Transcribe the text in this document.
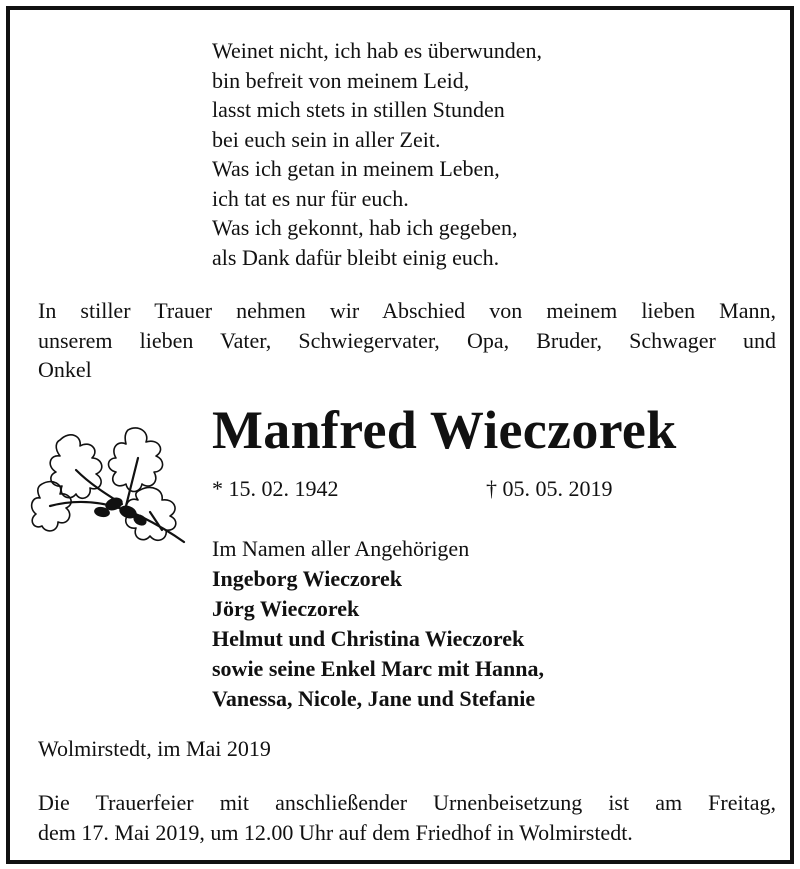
Weinet nicht, ich hab es überwunden,
bin befreit von meinem Leid,
lasst mich stets in stillen Stunden
bei euch sein in aller Zeit.
Was ich getan in meinem Leben,
ich tat es nur für euch.
Was ich gekonnt, hab ich gegeben,
als Dank dafür bleibt einig euch.
In stiller Trauer nehmen wir Abschied von meinem lieben Mann,
unserem lieben Vater, Schwiegervater, Opa, Bruder, Schwager und
Onkel
Manfred Wieczorek
* 15. 02. 1942	† 05. 05. 2019
Im Namen aller Angehörigen
Ingeborg Wieczorek
Jörg Wieczorek
Helmut und Christina Wieczorek
sowie seine Enkel Marc mit Hanna,
Vanessa, Nicole, Jane und Stefanie
Wolmirstedt, im Mai 2019
Die Trauerfeier mit anschließender Urnenbeisetzung ist am Freitag,
dem 17. Mai 2019, um 12.00 Uhr auf dem Friedhof in Wolmirstedt.
